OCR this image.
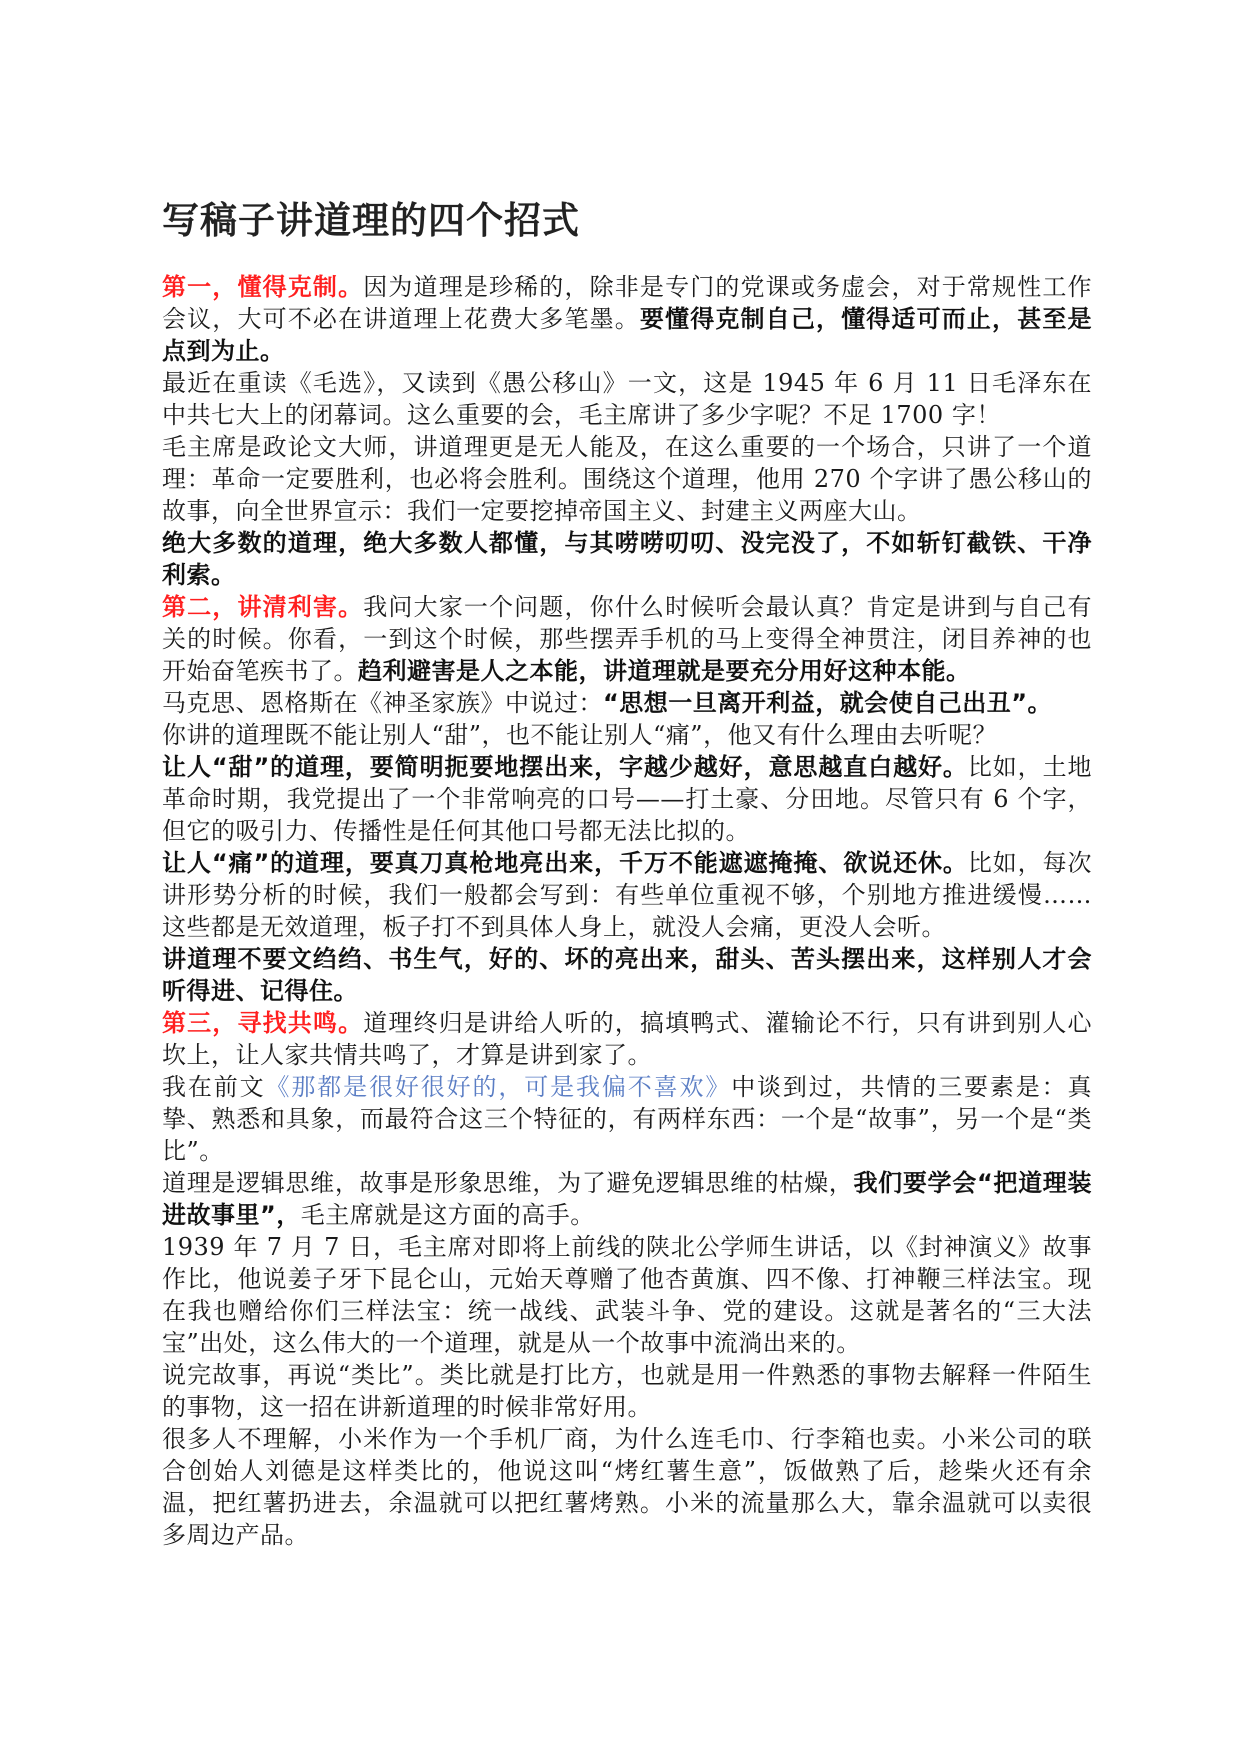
写稿子讲道理的四个招式

第一，懂得克制。因为道理是珍稀的，除非是专门的党课或务虚会，对于常规性工作会议，大可不必在讲道理上花费大多笔墨。要懂得克制自己，懂得适可而止，甚至是点到为止。

最近在重读《毛选》，又读到《愚公移山》一文，这是 1945 年 6 月 11 日毛泽东在中共七大上的闭幕词。这么重要的会，毛主席讲了多少字呢？不足 1700 字！

毛主席是政论文大师，讲道理更是无人能及，在这么重要的一个场合，只讲了一个道理：革命一定要胜利，也必将会胜利。围绕这个道理，他用 270 个字讲了愚公移山的故事，向全世界宣示：我们一定要挖掉帝国主义、封建主义两座大山。

绝大多数的道理，绝大多数人都懂，与其唠唠叨叨、没完没了，不如斩钉截铁、干净利索。

第二，讲清利害。我问大家一个问题，你什么时候听会最认真？肯定是讲到与自己有关的时候。你看，一到这个时候，那些摆弄手机的马上变得全神贯注，闭目养神的也开始奋笔疾书了。趋利避害是人之本能，讲道理就是要充分用好这种本能。

马克思、恩格斯在《神圣家族》中说过：“思想一旦离开利益，就会使自己出丑”。

你讲的道理既不能让别人“甜”，也不能让别人“痛”，他又有什么理由去听呢？

让人“甜”的道理，要简明扼要地摆出来，字越少越好，意思越直白越好。比如，土地革命时期，我党提出了一个非常响亮的口号——打土豪、分田地。尽管只有 6 个字，但它的吸引力、传播性是任何其他口号都无法比拟的。

让人“痛”的道理，要真刀真枪地亮出来，千万不能遮遮掩掩、欲说还休。比如，每次讲形势分析的时候，我们一般都会写到：有些单位重视不够，个别地方推进缓慢……这些都是无效道理，板子打不到具体人身上，就没人会痛，更没人会听。

讲道理不要文绉绉、书生气，好的、坏的亮出来，甜头、苦头摆出来，这样别人才会听得进、记得住。

第三，寻找共鸣。道理终归是讲给人听的，搞填鸭式、灌输论不行，只有讲到别人心坎上，让人家共情共鸣了，才算是讲到家了。

我在前文《那都是很好很好的，可是我偏不喜欢》中谈到过，共情的三要素是：真挚、熟悉和具象，而最符合这三个特征的，有两样东西：一个是“故事”，另一个是“类比”。

道理是逻辑思维，故事是形象思维，为了避免逻辑思维的枯燥，我们要学会“把道理装进故事里”，毛主席就是这方面的高手。

1939 年 7 月 7 日，毛主席对即将上前线的陕北公学师生讲话，以《封神演义》故事作比，他说姜子牙下昆仑山，元始天尊赠了他杏黄旗、四不像、打神鞭三样法宝。现在我也赠给你们三样法宝：统一战线、武装斗争、党的建设。这就是著名的“三大法宝”出处，这么伟大的一个道理，就是从一个故事中流淌出来的。

说完故事，再说“类比”。类比就是打比方，也就是用一件熟悉的事物去解释一件陌生的事物，这一招在讲新道理的时候非常好用。

很多人不理解，小米作为一个手机厂商，为什么连毛巾、行李箱也卖。小米公司的联合创始人刘德是这样类比的，他说这叫“烤红薯生意”，饭做熟了后，趁柴火还有余温，把红薯扔进去，余温就可以把红薯烤熟。小米的流量那么大，靠余温就可以卖很多周边产品。
